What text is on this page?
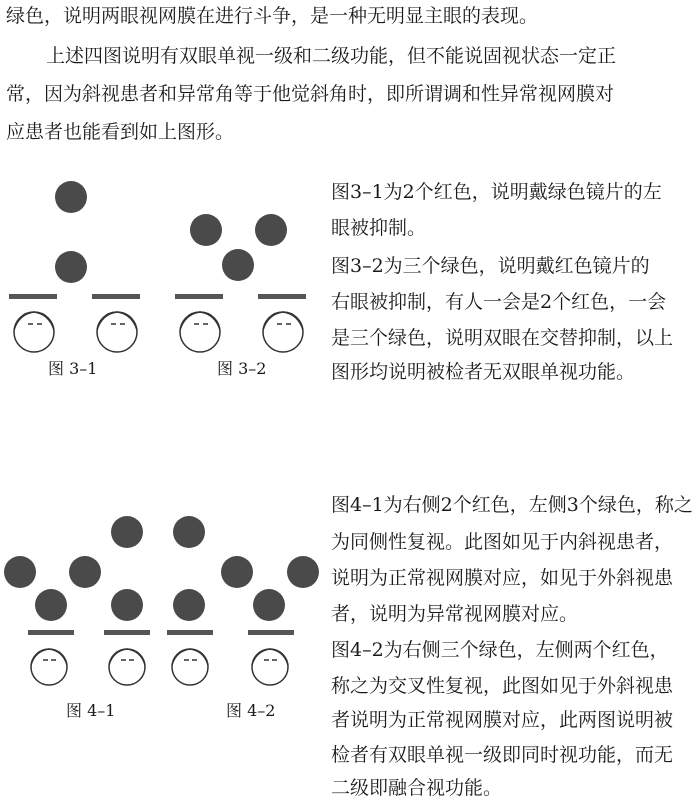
绿色，说明两眼视网膜在进行斗争，是一种无明显主眼的表现。
上述四图说明有双眼单视一级和二级功能，但不能说固视状态一定正
常，因为斜视患者和异常角等于他觉斜角时，即所谓调和性异常视网膜对
应患者也能看到如上图形。
图 3–1	图 3–2
图3–1为2个红色，说明戴绿色镜片的左
眼被抑制。
图3–2为三个绿色，说明戴红色镜片的
右眼被抑制，有人一会是2个红色，一会
是三个绿色，说明双眼在交替抑制，以上
图形均说明被检者无双眼单视功能。
图 4–1	图 4–2
图4–1为右侧2个红色，左侧3个绿色，称之
为同侧性复视。此图如见于内斜视患者，
说明为正常视网膜对应，如见于外斜视患
者，说明为异常视网膜对应。
图4–2为右侧三个绿色，左侧两个红色，
称之为交叉性复视，此图如见于外斜视患
者说明为正常视网膜对应，此两图说明被
检者有双眼单视一级即同时视功能，而无
二级即融合视功能。
